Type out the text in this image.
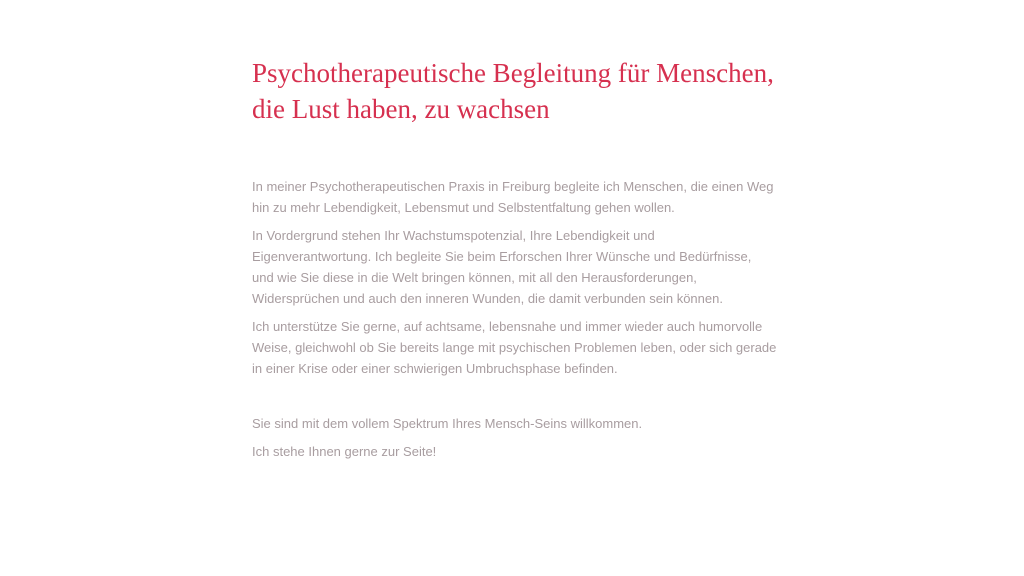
Psychotherapeutische Begleitung für Menschen,
die Lust haben, zu wachsen

In meiner Psychotherapeutischen Praxis in Freiburg begleite ich Menschen, die einen Weg hin zu mehr Lebendigkeit, Lebensmut und Selbstentfaltung gehen wollen.

In Vordergrund stehen Ihr Wachstumspotenzial, Ihre Lebendigkeit und Eigenverantwortung. Ich begleite Sie beim Erforschen Ihrer Wünsche und Bedürfnisse, und wie Sie diese in die Welt bringen können, mit all den Herausforderungen, Widersprüchen und auch den inneren Wunden, die damit verbunden sein können.

Ich unterstütze Sie gerne, auf achtsame, lebensnahe und immer wieder auch humorvolle Weise, gleichwohl ob Sie bereits lange mit psychischen Problemen leben, oder sich gerade in einer Krise oder einer schwierigen Umbruchsphase befinden.

Sie sind mit dem vollem Spektrum Ihres Mensch-Seins willkommen.

Ich stehe Ihnen gerne zur Seite!
